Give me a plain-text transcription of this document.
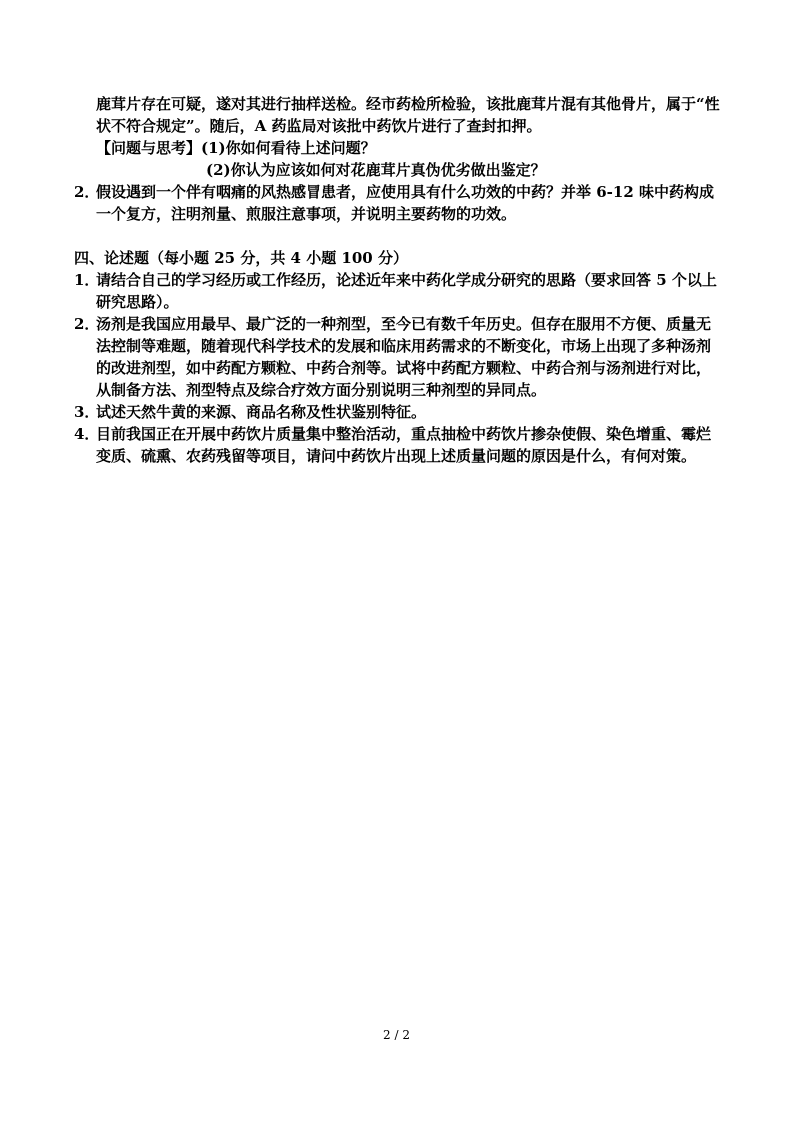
鹿茸片存在可疑，遂对其进行抽样送检。经市药检所检验，该批鹿茸片混有其他骨片，属于“性状不符合规定”。随后，A 药监局对该批中药饮片进行了查封扣押。
【问题与思考】(1)你如何看待上述问题？
(2)你认为应该如何对花鹿茸片真伪优劣做出鉴定？
2．
假设遇到一个伴有咽痛的风热感冒患者，应使用具有什么功效的中药？并举 6-12 味中药构成一个复方，注明剂量、煎服注意事项，并说明主要药物的功效。
四、论述题（每小题 25 分，共 4 小题 100 分）
1．
请结合自己的学习经历或工作经历，论述近年来中药化学成分研究的思路（要求回答 5 个以上研究思路）。
2．
汤剂是我国应用最早、最广泛的一种剂型，至今已有数千年历史。但存在服用不方便、质量无法控制等难题，随着现代科学技术的发展和临床用药需求的不断变化，市场上出现了多种汤剂的改进剂型，如中药配方颗粒、中药合剂等。试将中药配方颗粒、中药合剂与汤剂进行对比，从制备方法、剂型特点及综合疗效方面分别说明三种剂型的异同点。
3．
试述天然牛黄的来源、商品名称及性状鉴别特征。
4．
目前我国正在开展中药饮片质量集中整治活动，重点抽检中药饮片掺杂使假、染色增重、霉烂变质、硫熏、农药残留等项目，请问中药饮片出现上述质量问题的原因是什么，有何对策。
2 / 2
